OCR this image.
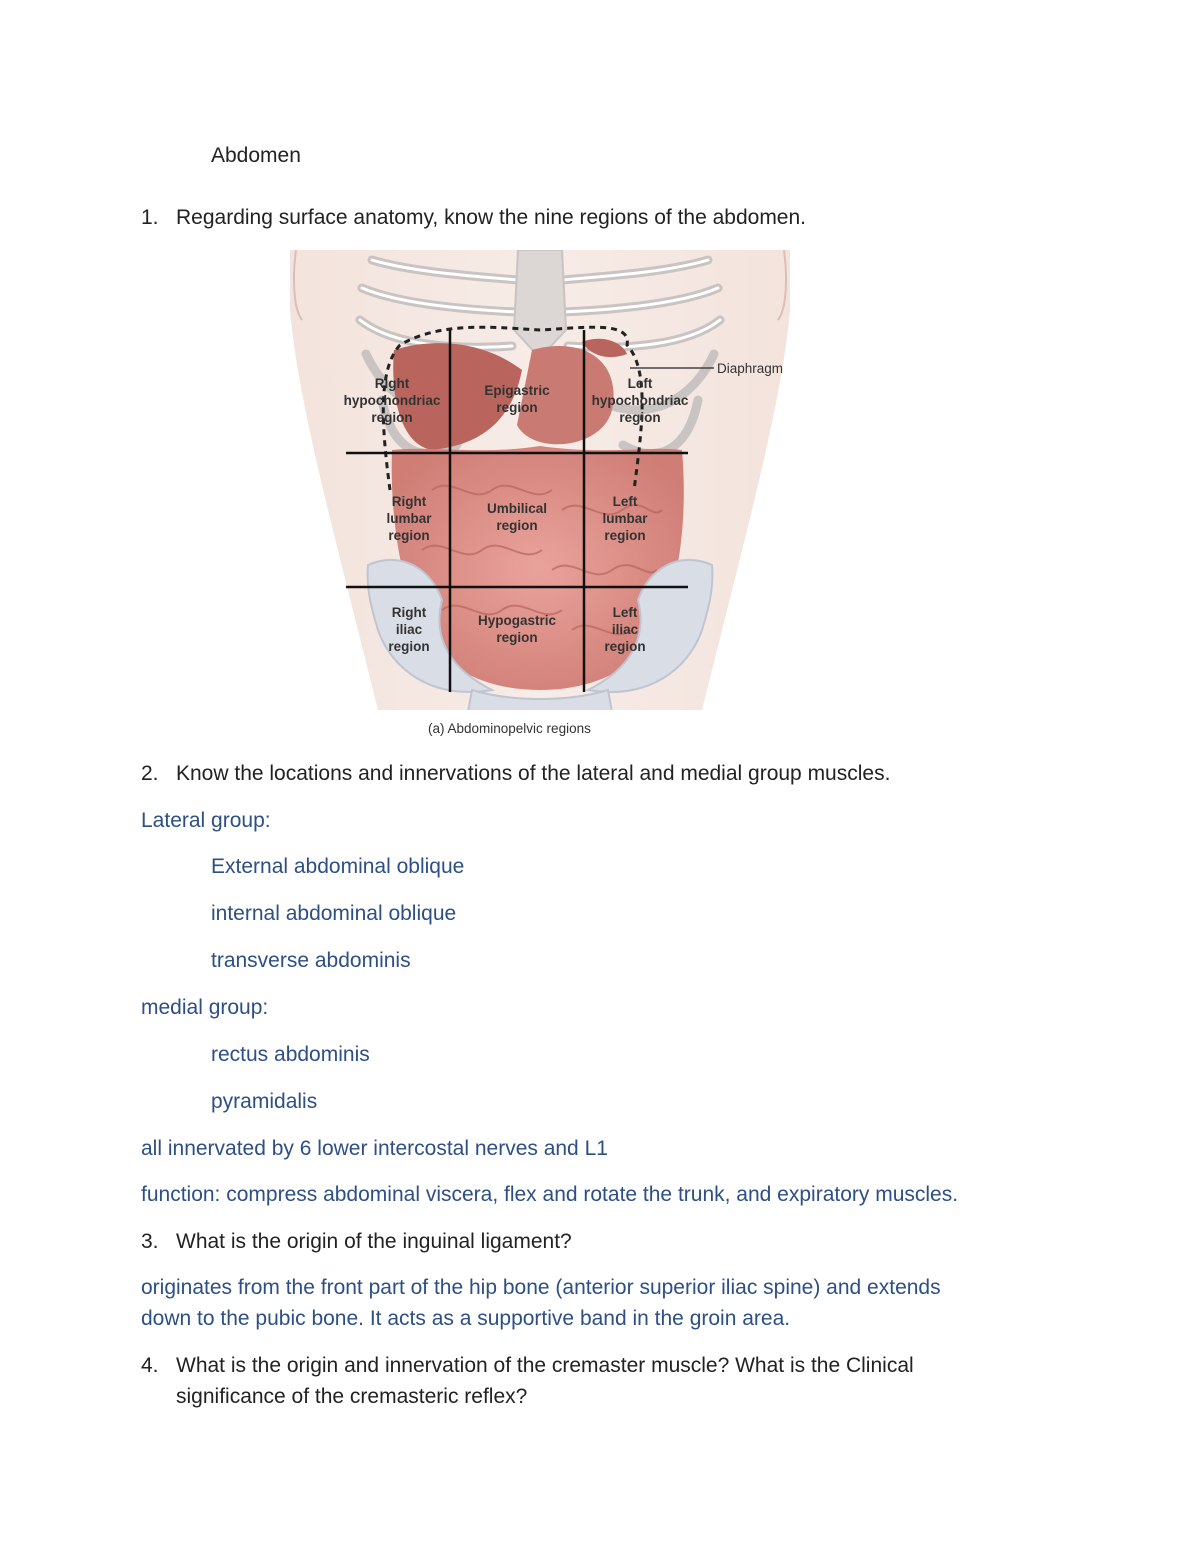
Abdomen
1. Regarding surface anatomy, know the nine regions of the abdomen.
Right hypochondriac region
Epigastric region
Left hypochondriac region
Right lumbar region
Umbilical region
Left lumbar region
Right iliac region
Hypogastric region
Left iliac region
Diaphragm
(a) Abdominopelvic regions
2. Know the locations and innervations of the lateral and medial group muscles.
Lateral group:
External abdominal oblique
internal abdominal oblique
transverse abdominis
medial group:
rectus abdominis
pyramidalis
all innervated by 6 lower intercostal nerves and L1
function: compress abdominal viscera, flex and rotate the trunk, and expiratory muscles.
3. What is the origin of the inguinal ligament?
originates from the front part of the hip bone (anterior superior iliac spine) and extends
down to the pubic bone. It acts as a supportive band in the groin area.
4. What is the origin and innervation of the cremaster muscle? What is the Clinical
significance of the cremasteric reflex?
